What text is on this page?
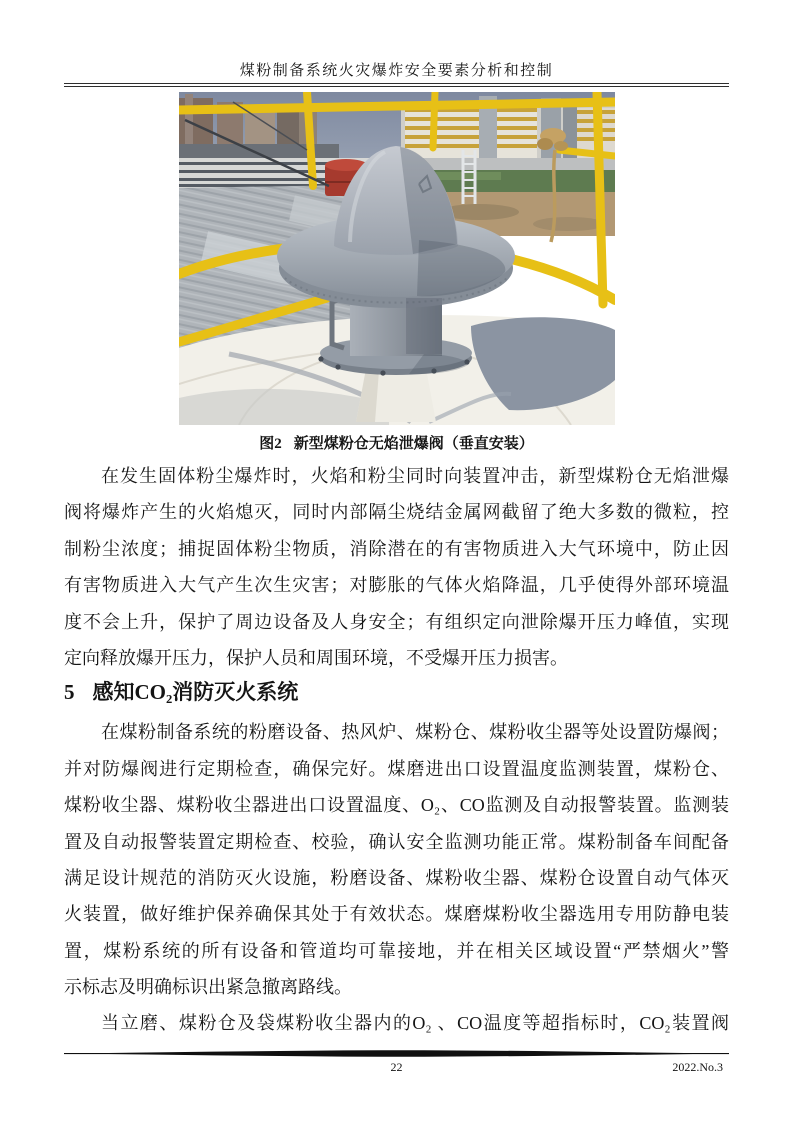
煤粉制备系统火灾爆炸安全要素分析和控制
图2 新型煤粉仓无焰泄爆阀（垂直安装）
在发生固体粉尘爆炸时，火焰和粉尘同时向装置冲击，新型煤粉仓无焰泄爆
阀将爆炸产生的火焰熄灭，同时内部隔尘烧结金属网截留了绝大多数的微粒，控
制粉尘浓度；捕捉固体粉尘物质，消除潜在的有害物质进入大气环境中，防止因
有害物质进入大气产生次生灾害；对膨胀的气体火焰降温，几乎使得外部环境温
度不会上升，保护了周边设备及人身安全；有组织定向泄除爆开压力峰值，实现
定向释放爆开压力，保护人员和周围环境，不受爆开压力损害。
5 感知CO₂消防灭火系统
在煤粉制备系统的粉磨设备、热风炉、煤粉仓、煤粉收尘器等处设置防爆阀；
并对防爆阀进行定期检查，确保完好。煤磨进出口设置温度监测装置，煤粉仓、
煤粉收尘器、煤粉收尘器进出口设置温度、O₂、CO监测及自动报警装置。监测装
置及自动报警装置定期检查、校验，确认安全监测功能正常。煤粉制备车间配备
满足设计规范的消防灭火设施，粉磨设备、煤粉收尘器、煤粉仓设置自动气体灭
火装置，做好维护保养确保其处于有效状态。煤磨煤粉收尘器选用专用防静电装
置，煤粉系统的所有设备和管道均可靠接地，并在相关区域设置“严禁烟火”警
示标志及明确标识出紧急撤离路线。
当立磨、煤粉仓及袋煤粉收尘器内的O₂ 、CO温度等超指标时，CO₂装置阀
22	2022.No.3
